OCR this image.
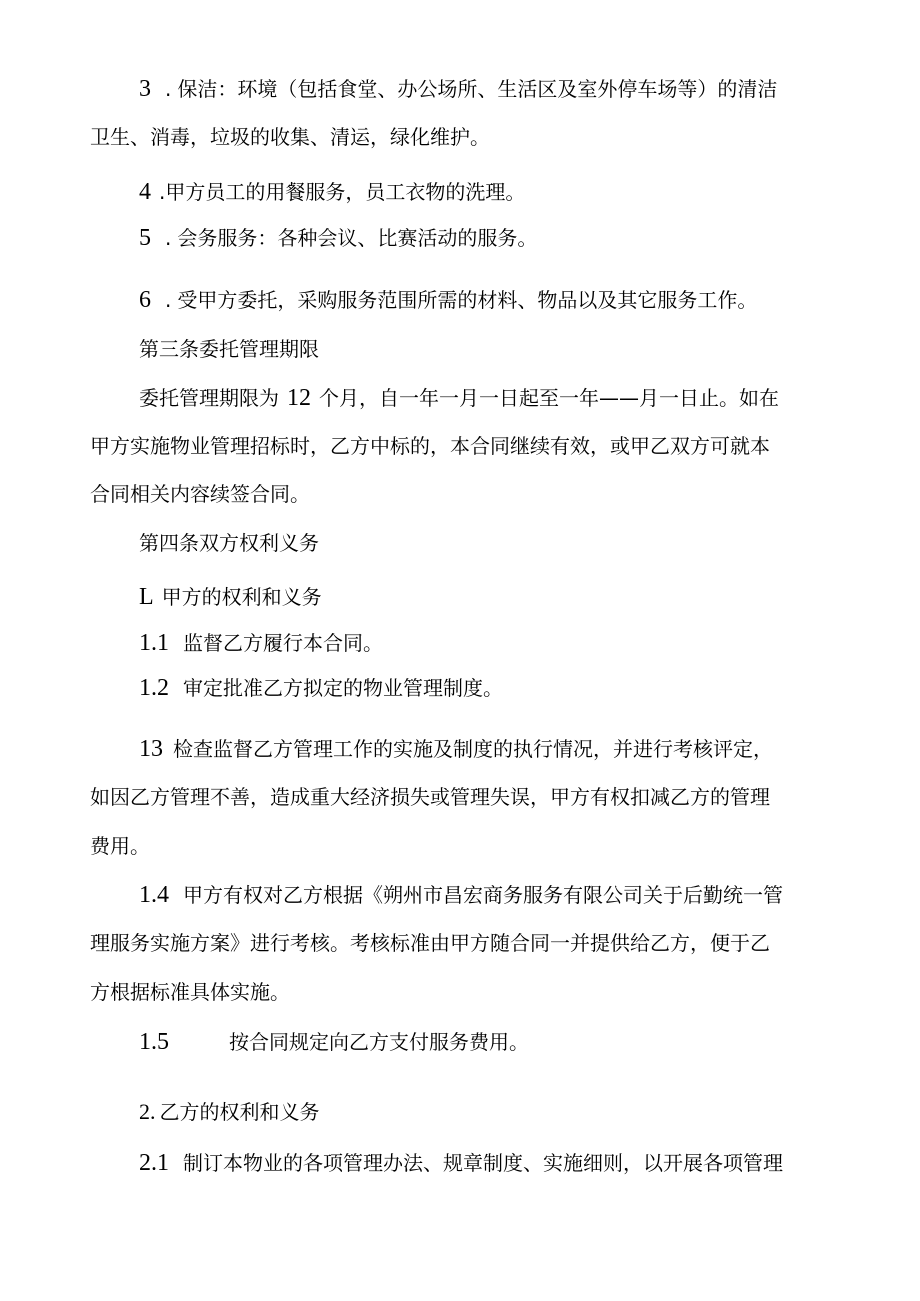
3 . 保洁：环境（包括食堂、办公场所、生活区及室外停车场等）的清洁
卫生、消毒，垃圾的收集、清运，绿化维护。
4 .甲方员工的用餐服务，员工衣物的洗理。
5 . 会务服务：各种会议、比赛活动的服务。
6 . 受甲方委托，采购服务范围所需的材料、物品以及其它服务工作。
第三条委托管理期限
委托管理期限为 12 个月，自一年一月一日起至一年——月一日止。如在
甲方实施物业管理招标时，乙方中标的，本合同继续有效，或甲乙双方可就本
合同相关内容续签合同。
第四条双方权利义务
L 甲方的权利和义务
1.1 监督乙方履行本合同。
1.2 审定批准乙方拟定的物业管理制度。
13 检查监督乙方管理工作的实施及制度的执行情况，并进行考核评定，
如因乙方管理不善，造成重大经济损失或管理失误，甲方有权扣减乙方的管理
费用。
1.4 甲方有权对乙方根据《朔州市昌宏商务服务有限公司关于后勤统一管
理服务实施方案》进行考核。考核标准由甲方随合同一并提供给乙方，便于乙
方根据标准具体实施。
1.5	按合同规定向乙方支付服务费用。
2. 乙方的权利和义务
2.1 制订本物业的各项管理办法、规章制度、实施细则，以开展各项管理
